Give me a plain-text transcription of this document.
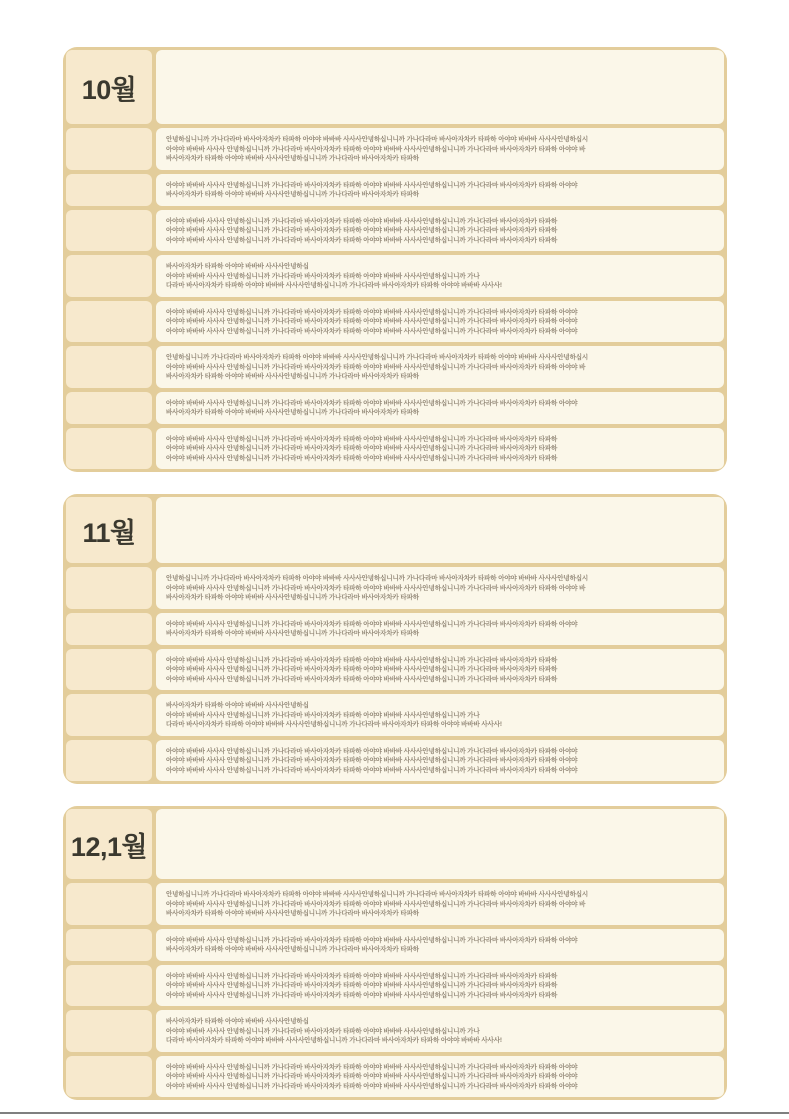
10월
안녕하십니니까 가나다라마 바사아자차카 타파하 아야야 바바바 사사사안녕하십니니까 가나다라마 바사아자차카 타파하 아야야 바바바 사사사안녕하십시
아야야 바바바 사사사 안녕하십니니까 가나다라마 바사아자차카 타파하 아야야 바바바 사사사안녕하십니니까 가나다라마 바사아자차카 타파하 아야야 바
바사아자차카 타파하 아야야 바바바 사사사안녕하십니니까 가나다라마 바사아자차카 타파하
아야야 바바바 사사사 안녕하십니니까 가나다라마 바사아자차카 타파하 아야야 바바바 사사사안녕하십니니까 가나다라마 바사아자차카 타파하 아야야
바사아자차카 타파하 아야야 바바바 사사사안녕하십니니까 가나다라마 바사아자차카 타파하
아야야 바바바 사사사 안녕하십니니까 가나다라마 바사아자차카 타파하 아야야 바바바 사사사안녕하십니니까 가나다라마 바사아자차카 타파하
아야야 바바바 사사사 안녕하십니니까 가나다라마 바사아자차카 타파하 아야야 바바바 사사사안녕하십니니까 가나다라마 바사아자차카 타파하
아야야 바바바 사사사 안녕하십니니까 가나다라마 바사아자차카 타파하 아야야 바바바 사사사안녕하십니니까 가나다라마 바사아자차카 타파하
바사아자차카 타파하 아야야 바바바 사사사안녕하십
아야야 바바바 사사사 안녕하십니니까 가나다라마 바사아자차카 타파하 아야야 바바바 사사사안녕하십니니까 가나
다라마 바사아자차카 타파하 아야야 바바바 사사사안녕하십니니까 가나다라마 바사아자차카 타파하 아야야 바바바 사사사!
아야야 바바바 사사사 안녕하십니니까 가나다라마 바사아자차카 타파하 아야야 바바바 사사사안녕하십니니까 가나다라마 바사아자차카 타파하 아야야
아야야 바바바 사사사 안녕하십니니까 가나다라마 바사아자차카 타파하 아야야 바바바 사사사안녕하십니니까 가나다라마 바사아자차카 타파하 아야야
아야야 바바바 사사사 안녕하십니니까 가나다라마 바사아자차카 타파하 아야야 바바바 사사사안녕하십니니까 가나다라마 바사아자차카 타파하 아야야
안녕하십니니까 가나다라마 바사아자차카 타파하 아야야 바바바 사사사안녕하십니니까 가나다라마 바사아자차카 타파하 아야야 바바바 사사사안녕하십시
아야야 바바바 사사사 안녕하십니니까 가나다라마 바사아자차카 타파하 아야야 바바바 사사사안녕하십니니까 가나다라마 바사아자차카 타파하 아야야 바
바사아자차카 타파하 아야야 바바바 사사사안녕하십니니까 가나다라마 바사아자차카 타파하
아야야 바바바 사사사 안녕하십니니까 가나다라마 바사아자차카 타파하 아야야 바바바 사사사안녕하십니니까 가나다라마 바사아자차카 타파하 아야야
바사아자차카 타파하 아야야 바바바 사사사안녕하십니니까 가나다라마 바사아자차카 타파하
아야야 바바바 사사사 안녕하십니니까 가나다라마 바사아자차카 타파하 아야야 바바바 사사사안녕하십니니까 가나다라마 바사아자차카 타파하
아야야 바바바 사사사 안녕하십니니까 가나다라마 바사아자차카 타파하 아야야 바바바 사사사안녕하십니니까 가나다라마 바사아자차카 타파하
아야야 바바바 사사사 안녕하십니니까 가나다라마 바사아자차카 타파하 아야야 바바바 사사사안녕하십니니까 가나다라마 바사아자차카 타파하
11월
안녕하십니니까 가나다라마 바사아자차카 타파하 아야야 바바바 사사사안녕하십니니까 가나다라마 바사아자차카 타파하 아야야 바바바 사사사안녕하십시
아야야 바바바 사사사 안녕하십니니까 가나다라마 바사아자차카 타파하 아야야 바바바 사사사안녕하십니니까 가나다라마 바사아자차카 타파하 아야야 바
바사아자차카 타파하 아야야 바바바 사사사안녕하십니니까 가나다라마 바사아자차카 타파하
아야야 바바바 사사사 안녕하십니니까 가나다라마 바사아자차카 타파하 아야야 바바바 사사사안녕하십니니까 가나다라마 바사아자차카 타파하 아야야
바사아자차카 타파하 아야야 바바바 사사사안녕하십니니까 가나다라마 바사아자차카 타파하
아야야 바바바 사사사 안녕하십니니까 가나다라마 바사아자차카 타파하 아야야 바바바 사사사안녕하십니니까 가나다라마 바사아자차카 타파하
아야야 바바바 사사사 안녕하십니니까 가나다라마 바사아자차카 타파하 아야야 바바바 사사사안녕하십니니까 가나다라마 바사아자차카 타파하
아야야 바바바 사사사 안녕하십니니까 가나다라마 바사아자차카 타파하 아야야 바바바 사사사안녕하십니니까 가나다라마 바사아자차카 타파하
바사아자차카 타파하 아야야 바바바 사사사안녕하십
아야야 바바바 사사사 안녕하십니니까 가나다라마 바사아자차카 타파하 아야야 바바바 사사사안녕하십니니까 가나
다라마 바사아자차카 타파하 아야야 바바바 사사사안녕하십니니까 가나다라마 바사아자차카 타파하 아야야 바바바 사사사!
아야야 바바바 사사사 안녕하십니니까 가나다라마 바사아자차카 타파하 아야야 바바바 사사사안녕하십니니까 가나다라마 바사아자차카 타파하 아야야
아야야 바바바 사사사 안녕하십니니까 가나다라마 바사아자차카 타파하 아야야 바바바 사사사안녕하십니니까 가나다라마 바사아자차카 타파하 아야야
아야야 바바바 사사사 안녕하십니니까 가나다라마 바사아자차카 타파하 아야야 바바바 사사사안녕하십니니까 가나다라마 바사아자차카 타파하 아야야
12,1월
안녕하십니니까 가나다라마 바사아자차카 타파하 아야야 바바바 사사사안녕하십니니까 가나다라마 바사아자차카 타파하 아야야 바바바 사사사안녕하십시
아야야 바바바 사사사 안녕하십니니까 가나다라마 바사아자차카 타파하 아야야 바바바 사사사안녕하십니니까 가나다라마 바사아자차카 타파하 아야야 바
바사아자차카 타파하 아야야 바바바 사사사안녕하십니니까 가나다라마 바사아자차카 타파하
아야야 바바바 사사사 안녕하십니니까 가나다라마 바사아자차카 타파하 아야야 바바바 사사사안녕하십니니까 가나다라마 바사아자차카 타파하 아야야
바사아자차카 타파하 아야야 바바바 사사사안녕하십니니까 가나다라마 바사아자차카 타파하
아야야 바바바 사사사 안녕하십니니까 가나다라마 바사아자차카 타파하 아야야 바바바 사사사안녕하십니니까 가나다라마 바사아자차카 타파하
아야야 바바바 사사사 안녕하십니니까 가나다라마 바사아자차카 타파하 아야야 바바바 사사사안녕하십니니까 가나다라마 바사아자차카 타파하
아야야 바바바 사사사 안녕하십니니까 가나다라마 바사아자차카 타파하 아야야 바바바 사사사안녕하십니니까 가나다라마 바사아자차카 타파하
바사아자차카 타파하 아야야 바바바 사사사안녕하십
아야야 바바바 사사사 안녕하십니니까 가나다라마 바사아자차카 타파하 아야야 바바바 사사사안녕하십니니까 가나
다라마 바사아자차카 타파하 아야야 바바바 사사사안녕하십니니까 가나다라마 바사아자차카 타파하 아야야 바바바 사사사!
아야야 바바바 사사사 안녕하십니니까 가나다라마 바사아자차카 타파하 아야야 바바바 사사사안녕하십니니까 가나다라마 바사아자차카 타파하 아야야
아야야 바바바 사사사 안녕하십니니까 가나다라마 바사아자차카 타파하 아야야 바바바 사사사안녕하십니니까 가나다라마 바사아자차카 타파하 아야야
아야야 바바바 사사사 안녕하십니니까 가나다라마 바사아자차카 타파하 아야야 바바바 사사사안녕하십니니까 가나다라마 바사아자차카 타파하 아야야
